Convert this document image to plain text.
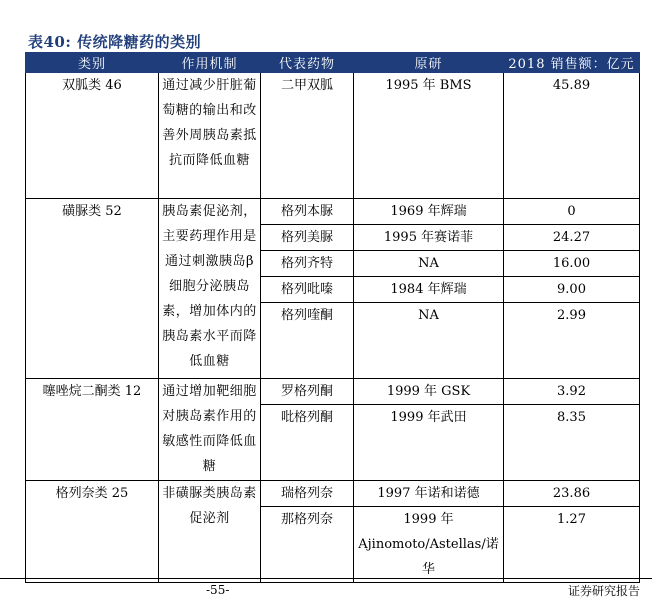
表40: 传统降糖药的类别
类别	作用机制	代表药物	原研	2018 销售额：亿元
双胍类 46	通过减少肝脏葡萄糖的输出和改善外周胰岛素抵抗而降低血糖	二甲双胍	1995 年 BMS	45.89
磺脲类 52	胰岛素促泌剂，主要药理作用是通过刺激胰岛β细胞分泌胰岛素，增加体内的胰岛素水平而降低血糖	格列本脲	1969 年辉瑞	0
		格列美脲	1995 年赛诺菲	24.27
		格列齐特	NA	16.00
		格列吡嗪	1984 年辉瑞	9.00
		格列喹酮	NA	2.99
噻唑烷二酮类 12	通过增加靶细胞对胰岛素作用的敏感性而降低血糖	罗格列酮	1999 年 GSK	3.92
		吡格列酮	1999 年武田	8.35
格列奈类 25	非磺脲类胰岛素促泌剂	瑞格列奈	1997 年诺和诺德	23.86
		那格列奈	1999 年Ajinomoto/Astellas/诺华	1.27
-55-	证券研究报告
